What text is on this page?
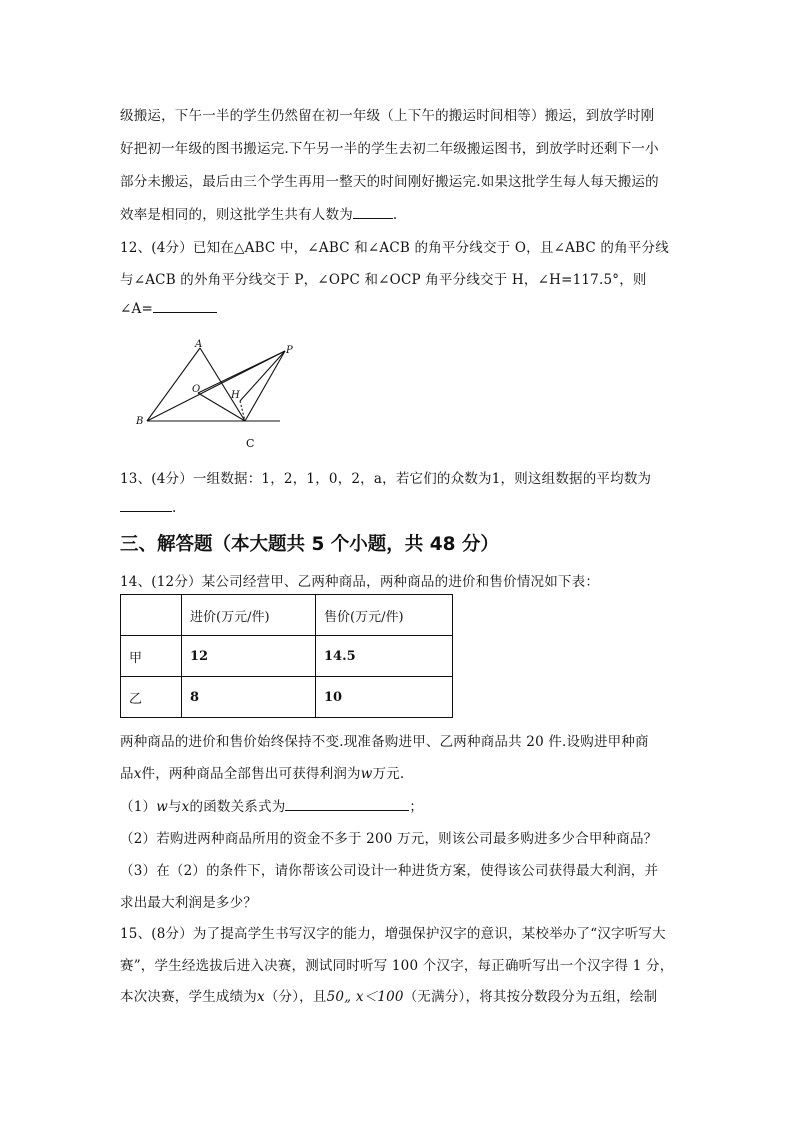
级搬运，下午一半的学生仍然留在初一年级（上下午的搬运时间相等）搬运，到放学时刚
好把初一年级的图书搬运完.下午另一半的学生去初二年级搬运图书，到放学时还剩下一小
部分未搬运，最后由三个学生再用一整天的时间刚好搬运完.如果这批学生每人每天搬运的
效率是相同的，则这批学生共有人数为	.
12、(4分）已知在△ABC 中，∠ABC 和∠ACB 的角平分线交于 O，且∠ABC 的角平分线
与∠ACB 的外角平分线交于 P，∠OPC 和∠OCP 角平分线交于 H，∠H=117.5°，则
∠A=
A
B
O
H
P
C
13、(4分）一组数据：1，2，1，0，2，a，若它们的众数为1，则这组数据的平均数为
.
三、解答题（本大题共 5 个小题，共 48 分）
14、(12分）某公司经营甲、乙两种商品，两种商品的进价和售价情况如下表：
	进价(万元/件)	售价(万元/件)
甲	12	14.5
乙	8	10
两种商品的进价和售价始终保持不变.现准备购进甲、乙两种商品共 20 件.设购进甲种商
品x件，两种商品全部售出可获得利润为w万元.
（1）w与x的函数关系式为	；
（2）若购进两种商品所用的资金不多于 200 万元，则该公司最多购进多少合甲种商品？
（3）在（2）的条件下，请你帮该公司设计一种进货方案，使得该公司获得最大利润，并
求出最大利润是多少？
15、(8分）为了提高学生书写汉字的能力，增强保护汉字的意识，某校举办了“汉字听写大
赛”，学生经选拔后进入决赛，测试同时听写 100 个汉字，每正确听写出一个汉字得 1 分，
本次决赛，学生成绩为x（分），且50„ x＜100（无满分），将其按分数段分为五组，绘制
